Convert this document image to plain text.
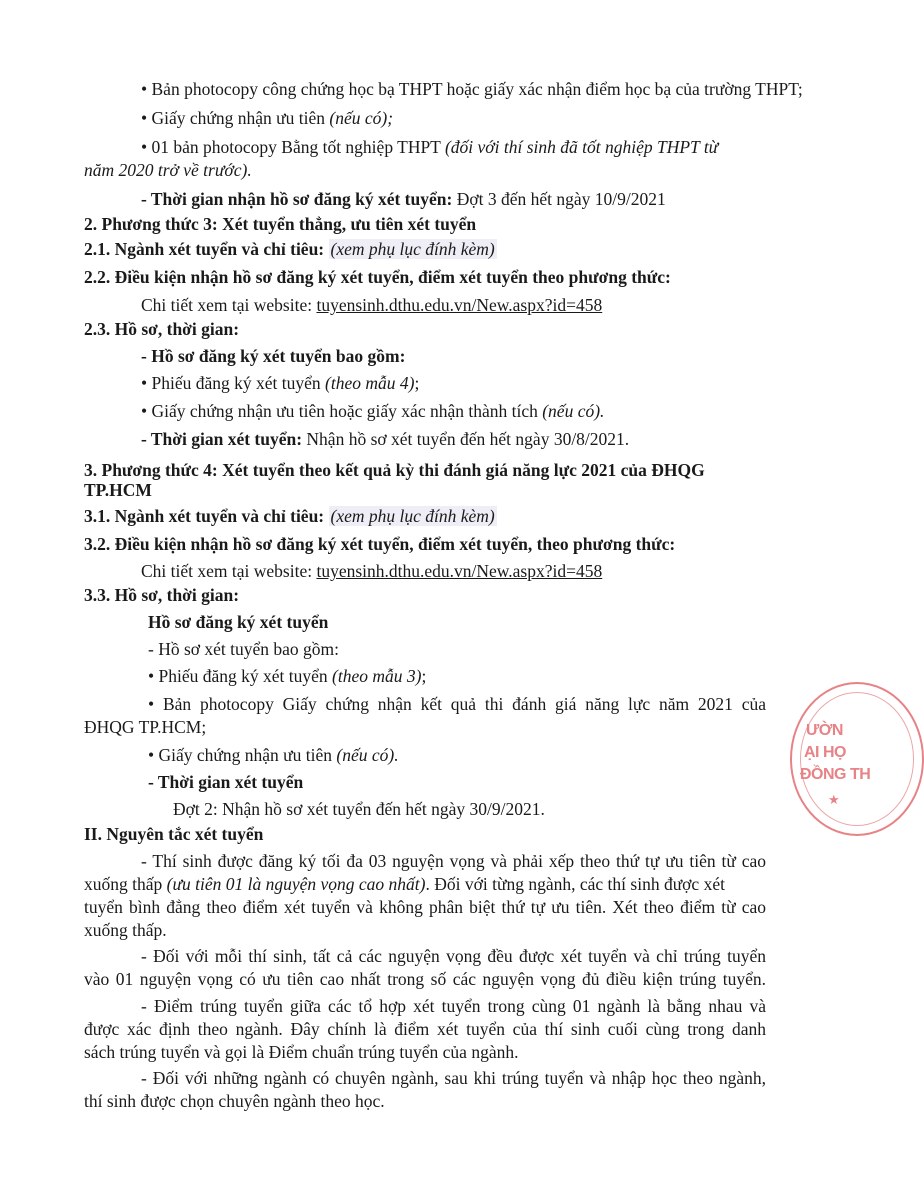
• Bản photocopy công chứng học bạ THPT hoặc giấy xác nhận điểm học bạ của trường THPT;
• Giấy chứng nhận ưu tiên (nếu có);
• 01 bản photocopy Bằng tốt nghiệp THPT (đối với thí sinh đã tốt nghiệp THPT từ
năm 2020 trở về trước).
- Thời gian nhận hồ sơ đăng ký xét tuyển: Đợt 3 đến hết ngày 10/9/2021
2. Phương thức 3: Xét tuyển thẳng, ưu tiên xét tuyển
2.1. Ngành xét tuyển và chỉ tiêu: (xem phụ lục đính kèm)
2.2. Điều kiện nhận hồ sơ đăng ký xét tuyển, điểm xét tuyển theo phương thức:
Chi tiết xem tại website: tuyensinh.dthu.edu.vn/New.aspx?id=458
2.3. Hồ sơ, thời gian:
- Hồ sơ đăng ký xét tuyển bao gồm:
• Phiếu đăng ký xét tuyển (theo mẫu 4);
• Giấy chứng nhận ưu tiên hoặc giấy xác nhận thành tích (nếu có).
- Thời gian xét tuyển: Nhận hồ sơ xét tuyển đến hết ngày 30/8/2021.
3. Phương thức 4: Xét tuyển theo kết quả kỳ thi đánh giá năng lực 2021 của ĐHQG
TP.HCM
3.1. Ngành xét tuyển và chỉ tiêu: (xem phụ lục đính kèm)
3.2. Điều kiện nhận hồ sơ đăng ký xét tuyển, điểm xét tuyển, theo phương thức:
Chi tiết xem tại website: tuyensinh.dthu.edu.vn/New.aspx?id=458
3.3. Hồ sơ, thời gian:
Hồ sơ đăng ký xét tuyển
- Hồ sơ xét tuyển bao gồm:
• Phiếu đăng ký xét tuyển (theo mẫu 3);
• Bản photocopy Giấy chứng nhận kết quả thi đánh giá năng lực năm 2021 của
ĐHQG TP.HCM;
• Giấy chứng nhận ưu tiên (nếu có).
- Thời gian xét tuyển
Đợt 2: Nhận hồ sơ xét tuyển đến hết ngày 30/9/2021.
II. Nguyên tắc xét tuyển
- Thí sinh được đăng ký tối đa 03 nguyện vọng và phải xếp theo thứ tự ưu tiên từ cao
xuống thấp (ưu tiên 01 là nguyện vọng cao nhất). Đối với từng ngành, các thí sinh được xét
tuyển bình đẳng theo điểm xét tuyển và không phân biệt thứ tự ưu tiên. Xét theo điểm từ cao
xuống thấp.
- Đối với mỗi thí sinh, tất cả các nguyện vọng đều được xét tuyển và chỉ trúng tuyển
vào 01 nguyện vọng có ưu tiên cao nhất trong số các nguyện vọng đủ điều kiện trúng tuyển.
- Điểm trúng tuyển giữa các tổ hợp xét tuyển trong cùng 01 ngành là bằng nhau và
được xác định theo ngành. Đây chính là điểm xét tuyển của thí sinh cuối cùng trong danh
sách trúng tuyển và gọi là Điểm chuẩn trúng tuyển của ngành.
- Đối với những ngành có chuyên ngành, sau khi trúng tuyển và nhập học theo ngành,
thí sinh được chọn chuyên ngành theo học.
ƯỜN
ẠI HỌ
ĐỒNG TH
★
